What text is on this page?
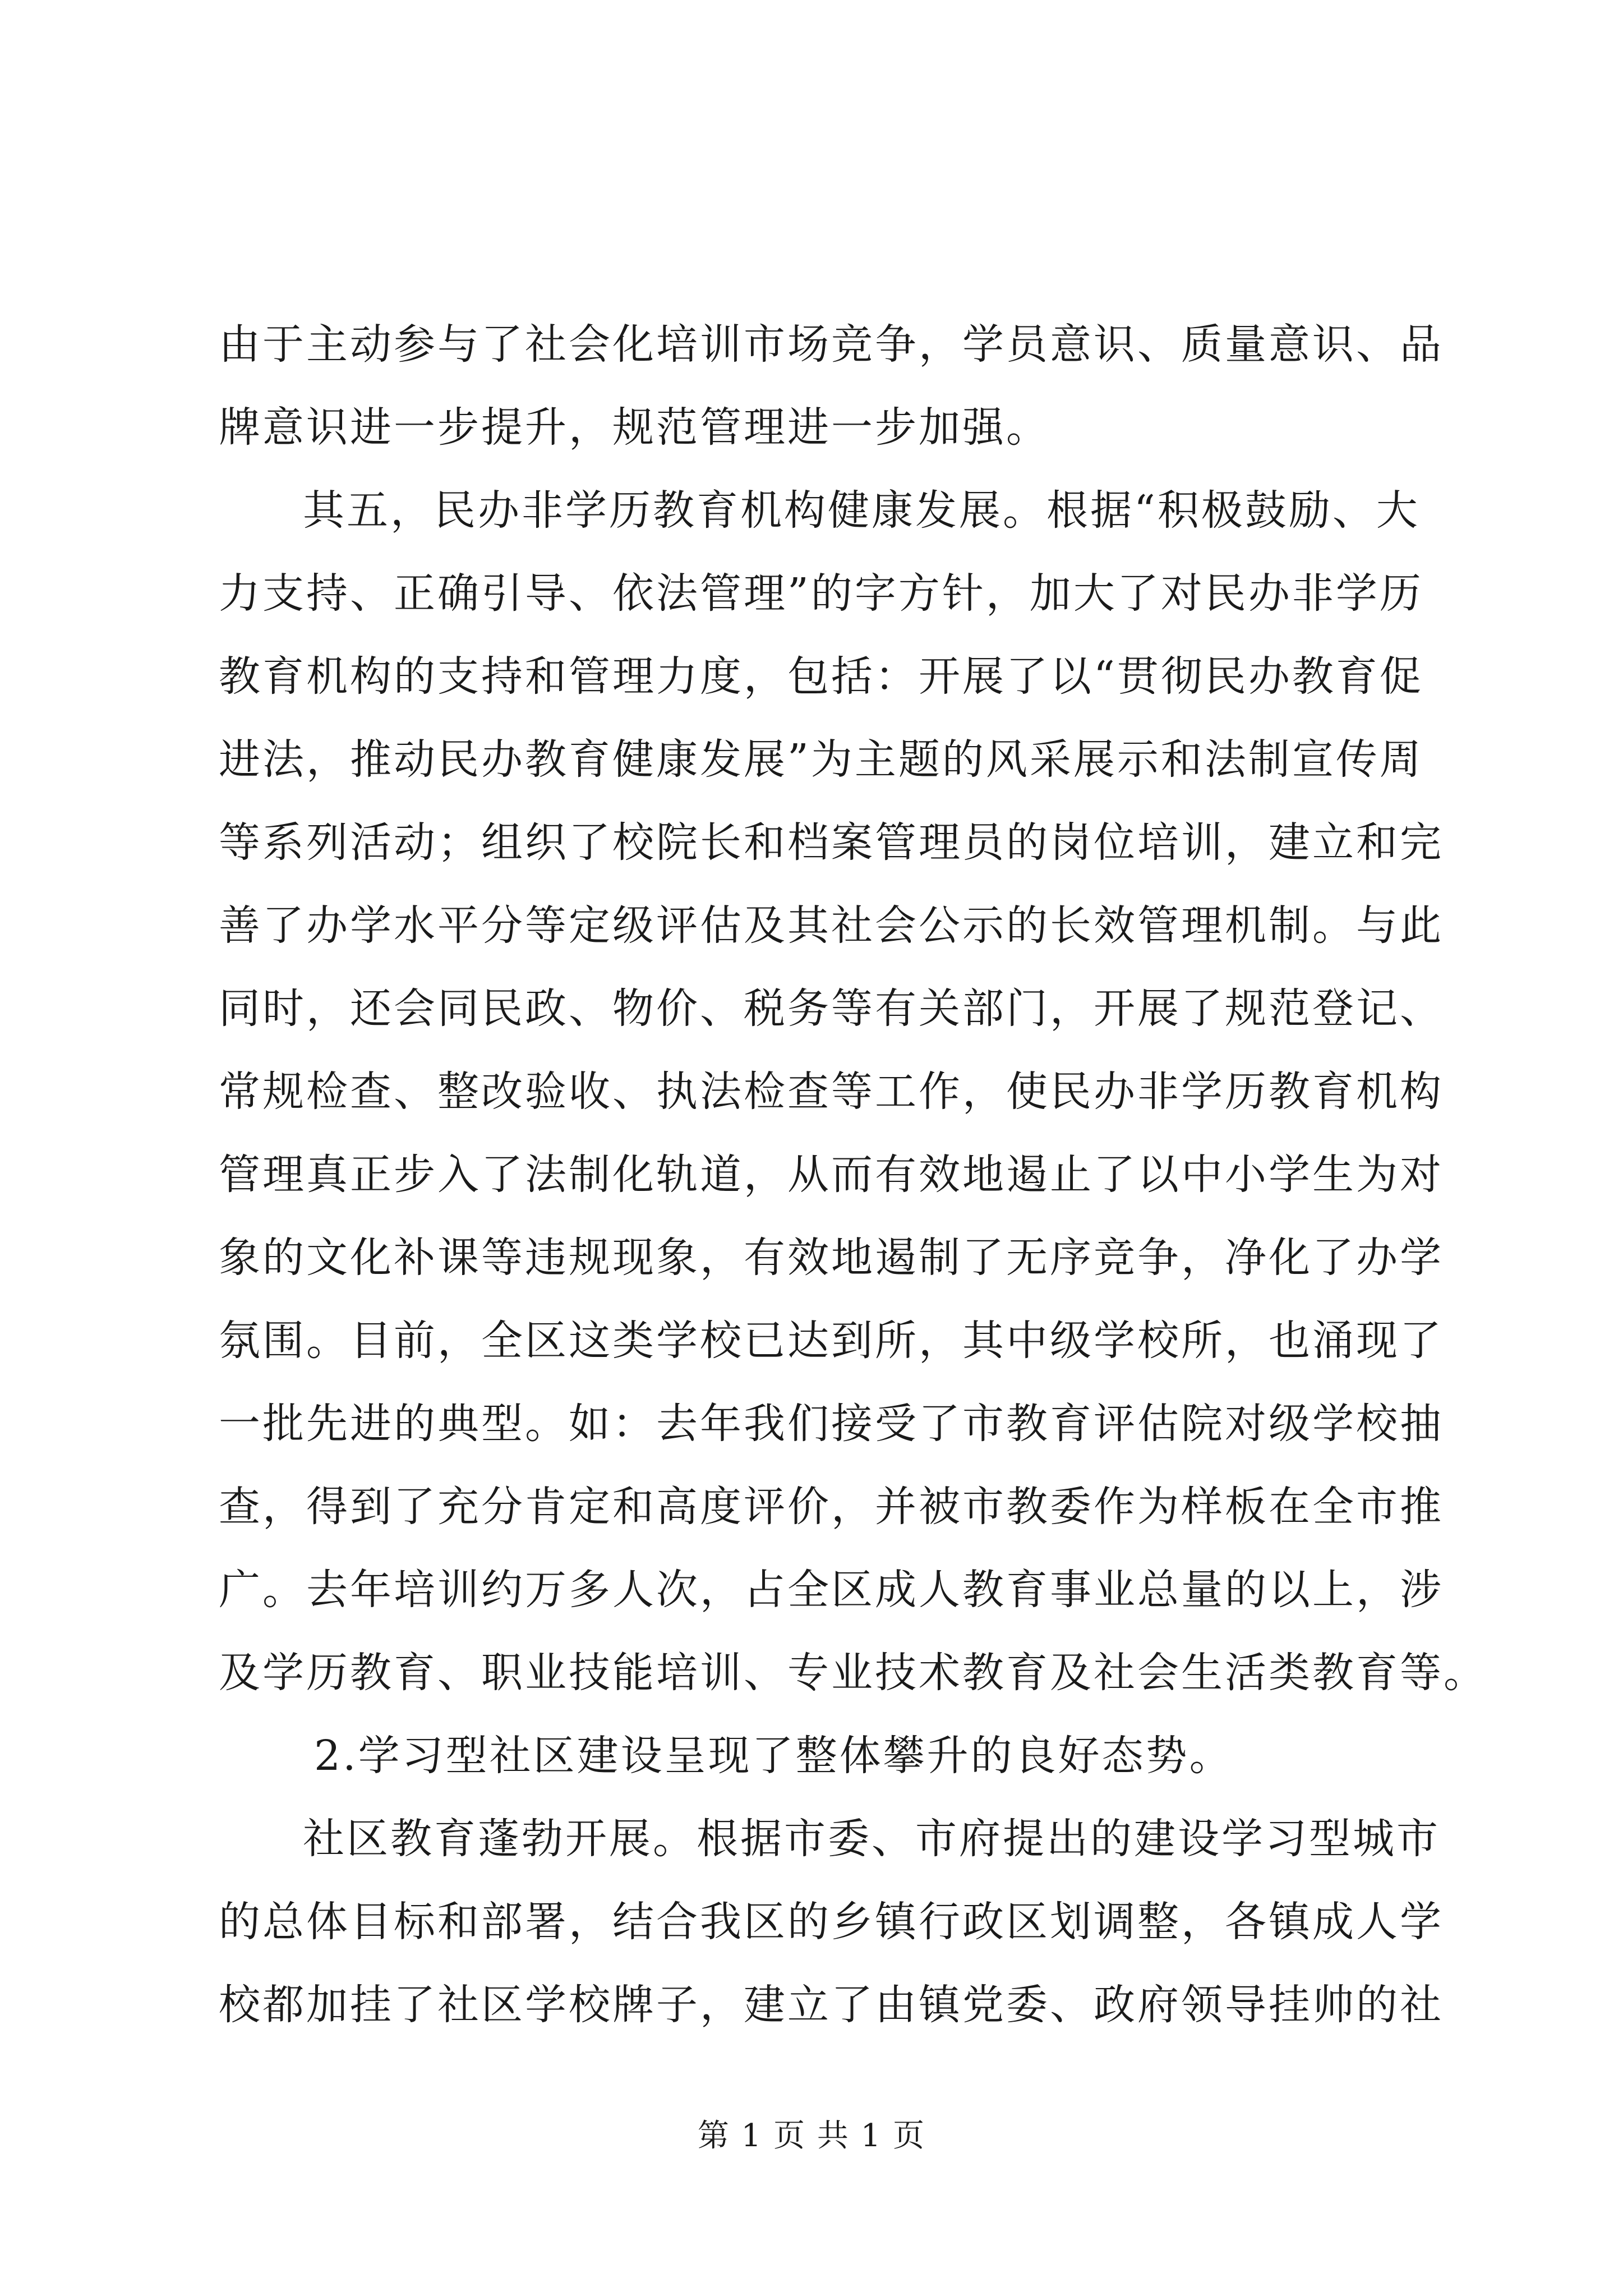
由于主动参与了社会化培训市场竞争，学员意识、质量意识、品
牌意识进一步提升，规范管理进一步加强。
其五，民办非学历教育机构健康发展。根据“积极鼓励、大
力支持、正确引导、依法管理”的字方针，加大了对民办非学历
教育机构的支持和管理力度，包括：开展了以“贯彻民办教育促
进法，推动民办教育健康发展”为主题的风采展示和法制宣传周
等系列活动；组织了校院长和档案管理员的岗位培训，建立和完
善了办学水平分等定级评估及其社会公示的长效管理机制。与此
同时，还会同民政、物价、税务等有关部门，开展了规范登记、
常规检查、整改验收、执法检查等工作，使民办非学历教育机构
管理真正步入了法制化轨道，从而有效地遏止了以中小学生为对
象的文化补课等违规现象，有效地遏制了无序竞争，净化了办学
氛围。目前，全区这类学校已达到所，其中级学校所，也涌现了
一批先进的典型。如：去年我们接受了市教育评估院对级学校抽
查，得到了充分肯定和高度评价，并被市教委作为样板在全市推
广。去年培训约万多人次，占全区成人教育事业总量的以上，涉
及学历教育、职业技能培训、专业技术教育及社会生活类教育等。
2.学习型社区建设呈现了整体攀升的良好态势。
社区教育蓬勃开展。根据市委、市府提出的建设学习型城市
的总体目标和部署，结合我区的乡镇行政区划调整，各镇成人学
校都加挂了社区学校牌子，建立了由镇党委、政府领导挂帅的社
第 1 页 共 1 页
